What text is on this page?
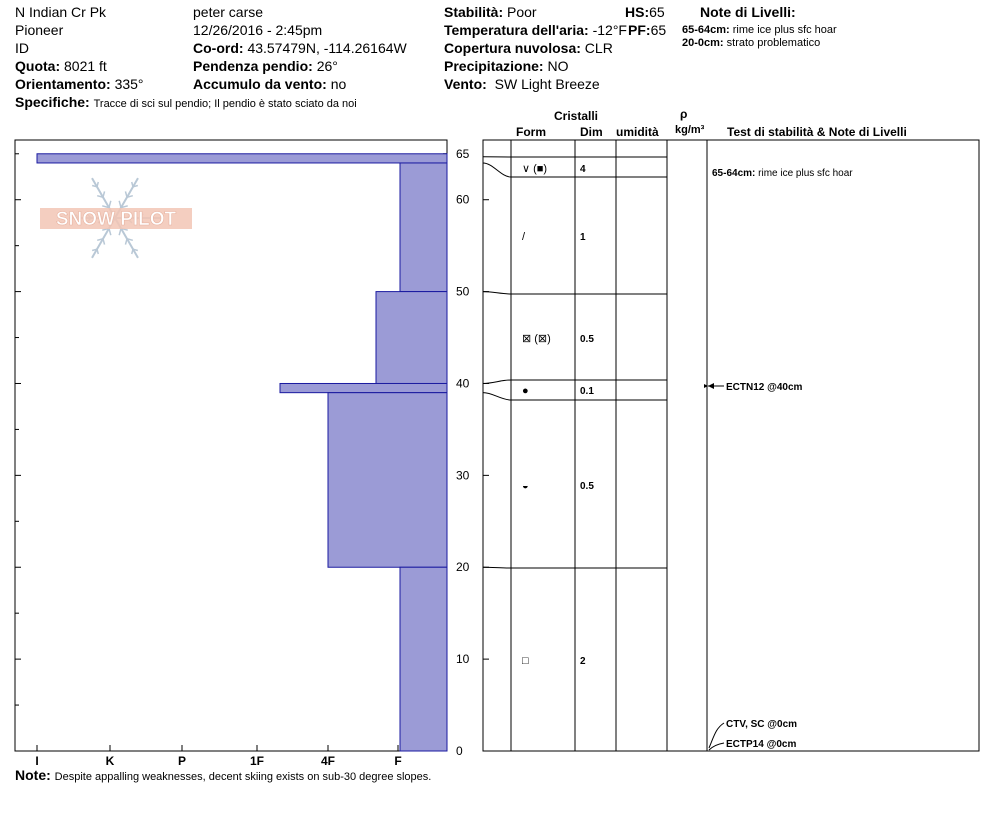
N Indian Cr Pk
Pioneer
ID
Quota: 8021 ft
Orientamento: 335°
Specifiche: Tracce di sci sul pendio; Il pendio è stato sciato da noi
peter carse
12/26/2016 - 2:45pm
Co-ord: 43.57479N, -114.26164W
Pendenza pendio: 26°
Accumulo da vento: no
Stabilità: Poor
Temperatura dell'aria: -12°F
Copertura nuvolosa: CLR
Precipitazione: NO
Vento: SW Light Breeze
HS:65
PF:65
Note di Livelli:
65-64cm: rime ice plus sfc hoar
20-0cm: strato problematico
Cristalli
Form	Dim umidità
ρ
kg/m³ Test di stabilità & Note di Livelli
Note: Despite appalling weaknesses, decent skiing exists on sub-30 degree slopes.
SNOW PILOT
0
10
20
30
40
50
60
65
I	K	P	1F	4F	F
∨ (■)	4
/	1
⊠ (⊠)	0.5
●	0.1
◒	0.5
□	2
65-64cm: rime ice plus sfc hoar
ECTN12 @40cm
CTV, SC @0cm
ECTP14 @0cm
